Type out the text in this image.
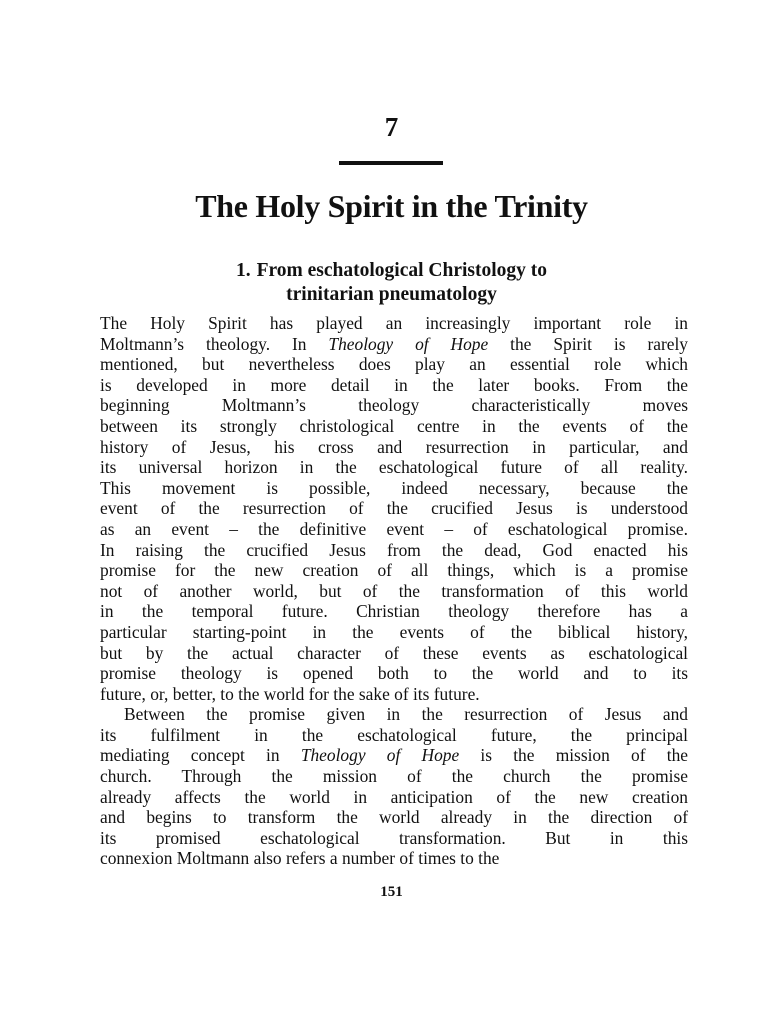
7
The Holy Spirit in the Trinity
1. From eschatological Christology to
trinitarian pneumatology
The Holy Spirit has played an increasingly important role in
Moltmann’s theology. In Theology of Hope the Spirit is rarely
mentioned, but nevertheless does play an essential role which
is developed in more detail in the later books. From the
beginning Moltmann’s theology characteristically moves
between its strongly christological centre in the events of the
history of Jesus, his cross and resurrection in particular, and
its universal horizon in the eschatological future of all reality.
This movement is possible, indeed necessary, because the
event of the resurrection of the crucified Jesus is understood
as an event – the definitive event – of eschatological promise.
In raising the crucified Jesus from the dead, God enacted his
promise for the new creation of all things, which is a promise
not of another world, but of the transformation of this world
in the temporal future. Christian theology therefore has a
particular starting-point in the events of the biblical history,
but by the actual character of these events as eschatological
promise theology is opened both to the world and to its
future, or, better, to the world for the sake of its future.
Between the promise given in the resurrection of Jesus and
its fulfilment in the eschatological future, the principal
mediating concept in Theology of Hope is the mission of the
church. Through the mission of the church the promise
already affects the world in anticipation of the new creation
and begins to transform the world already in the direction of
its promised eschatological transformation. But in this
connexion Moltmann also refers a number of times to the
151
